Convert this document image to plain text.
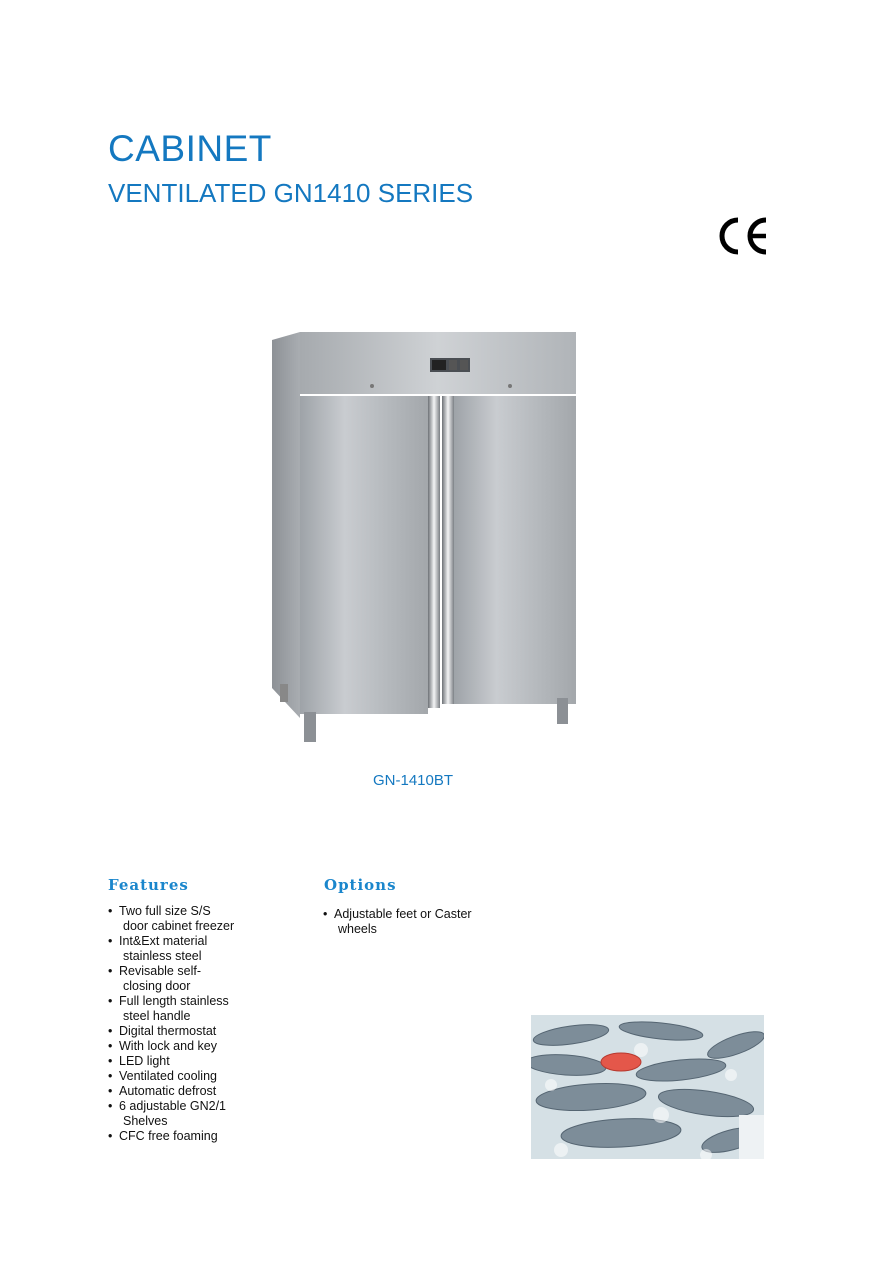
CABINET
VENTILATED GN1410 SERIES
GN-1410BT
Features	Options
• Two full size S/S
door cabinet freezer
• Int&Ext material
stainless steel
• Revisable self-
closing door
• Full length stainless
steel handle
• Digital thermostat
• With lock and key
• LED light
• Ventilated cooling
• Automatic defrost
• 6 adjustable GN2/1
Shelves
• CFC free foaming
• Adjustable feet or Caster
wheels
